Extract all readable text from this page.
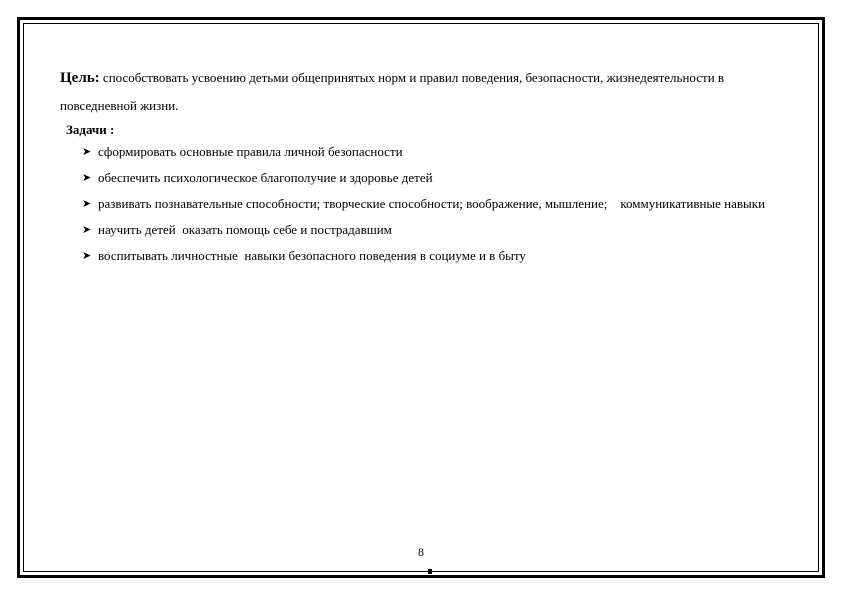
Цель: способствовать усвоению детьми общепринятых норм и правил поведения, безопасности, жизнедеятельности в повседневной жизни.

Задачи :
➤ сформировать основные правила личной безопасности
➤ обеспечить психологическое благополучие и здоровье детей
➤ развивать познавательные способности; творческие способности; воображение, мышление;    коммуникативные навыки
➤ научить детей  оказать помощь себе и пострадавшим
➤ воспитывать личностные  навыки безопасного поведения в социуме и в быту
8
